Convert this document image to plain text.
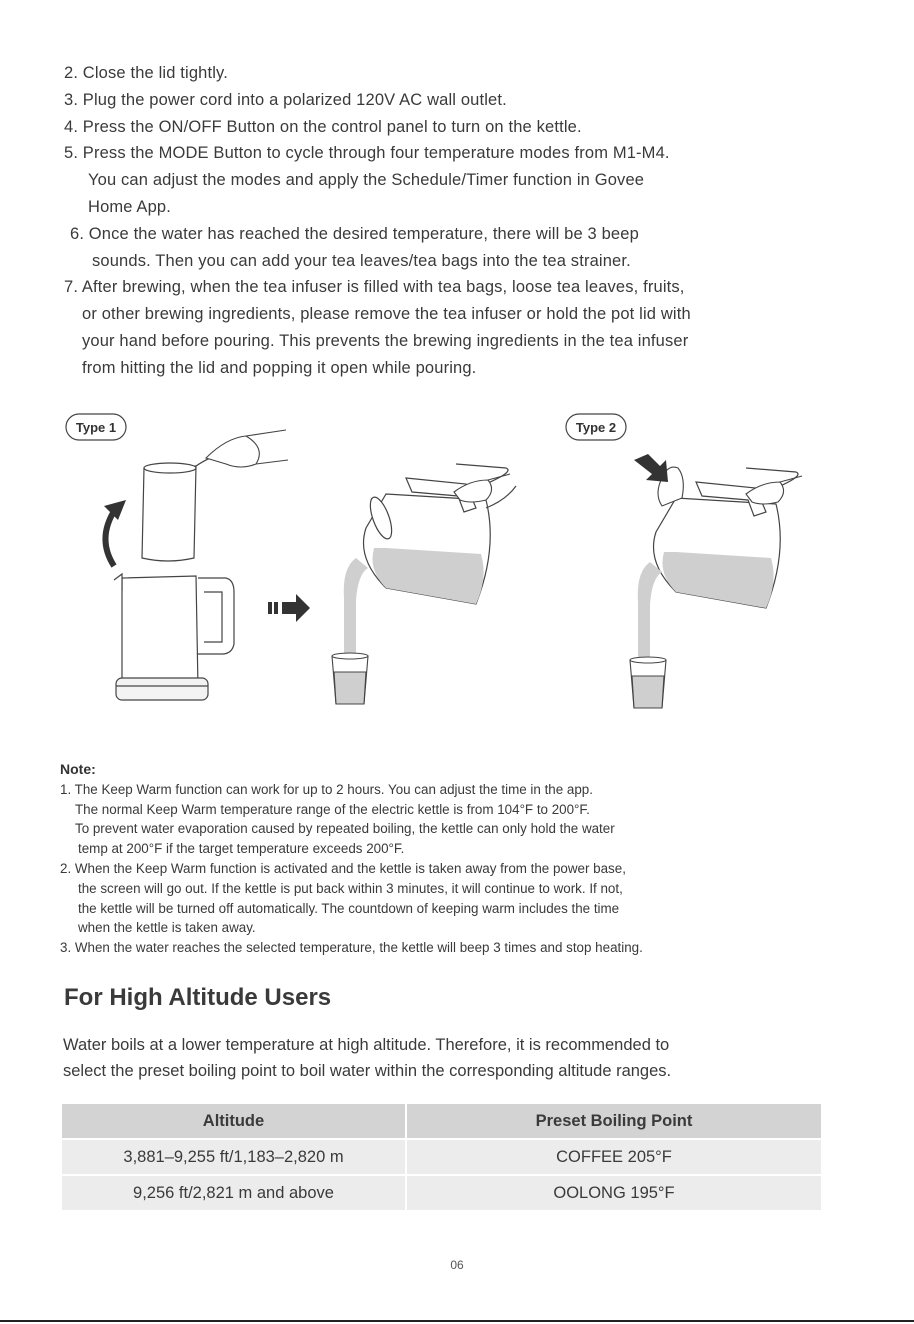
2. Close the lid tightly.
3. Plug the power cord into a polarized 120V AC wall outlet.
4. Press the ON/OFF Button on the control panel to turn on the kettle.
5. Press the MODE Button to cycle through four temperature modes from M1-M4.
You can adjust the modes and apply the Schedule/Timer function in Govee
Home App.
6. Once the water has reached the desired temperature, there will be 3 beep
sounds. Then you can add your tea leaves/tea bags into the tea strainer.
7. After brewing, when the tea infuser is filled with tea bags, loose tea leaves, fruits,
or other brewing ingredients, please remove the tea infuser or hold the pot lid with
your hand before pouring. This prevents the brewing ingredients in the tea infuser
from hitting the lid and popping it open while pouring.
Type 1	Type 2
Note:
1. The Keep Warm function can work for up to 2 hours. You can adjust the time in the app.
The normal Keep Warm temperature range of the electric kettle is from 104°F to 200°F.
To prevent water evaporation caused by repeated boiling, the kettle can only hold the water
temp at 200°F if the target temperature exceeds 200°F.
2. When the Keep Warm function is activated and the kettle is taken away from the power base,
the screen will go out. If the kettle is put back within 3 minutes, it will continue to work. If not,
the kettle will be turned off automatically. The countdown of keeping warm includes the time
when the kettle is taken away.
3. When the water reaches the selected temperature, the kettle will beep 3 times and stop heating.
For High Altitude Users
Water boils at a lower temperature at high altitude. Therefore, it is recommended to
select the preset boiling point to boil water within the corresponding altitude ranges.
Altitude	Preset Boiling Point
3,881–9,255 ft/1,183–2,820 m	COFFEE 205°F
9,256 ft/2,821 m and above	OOLONG 195°F
06
